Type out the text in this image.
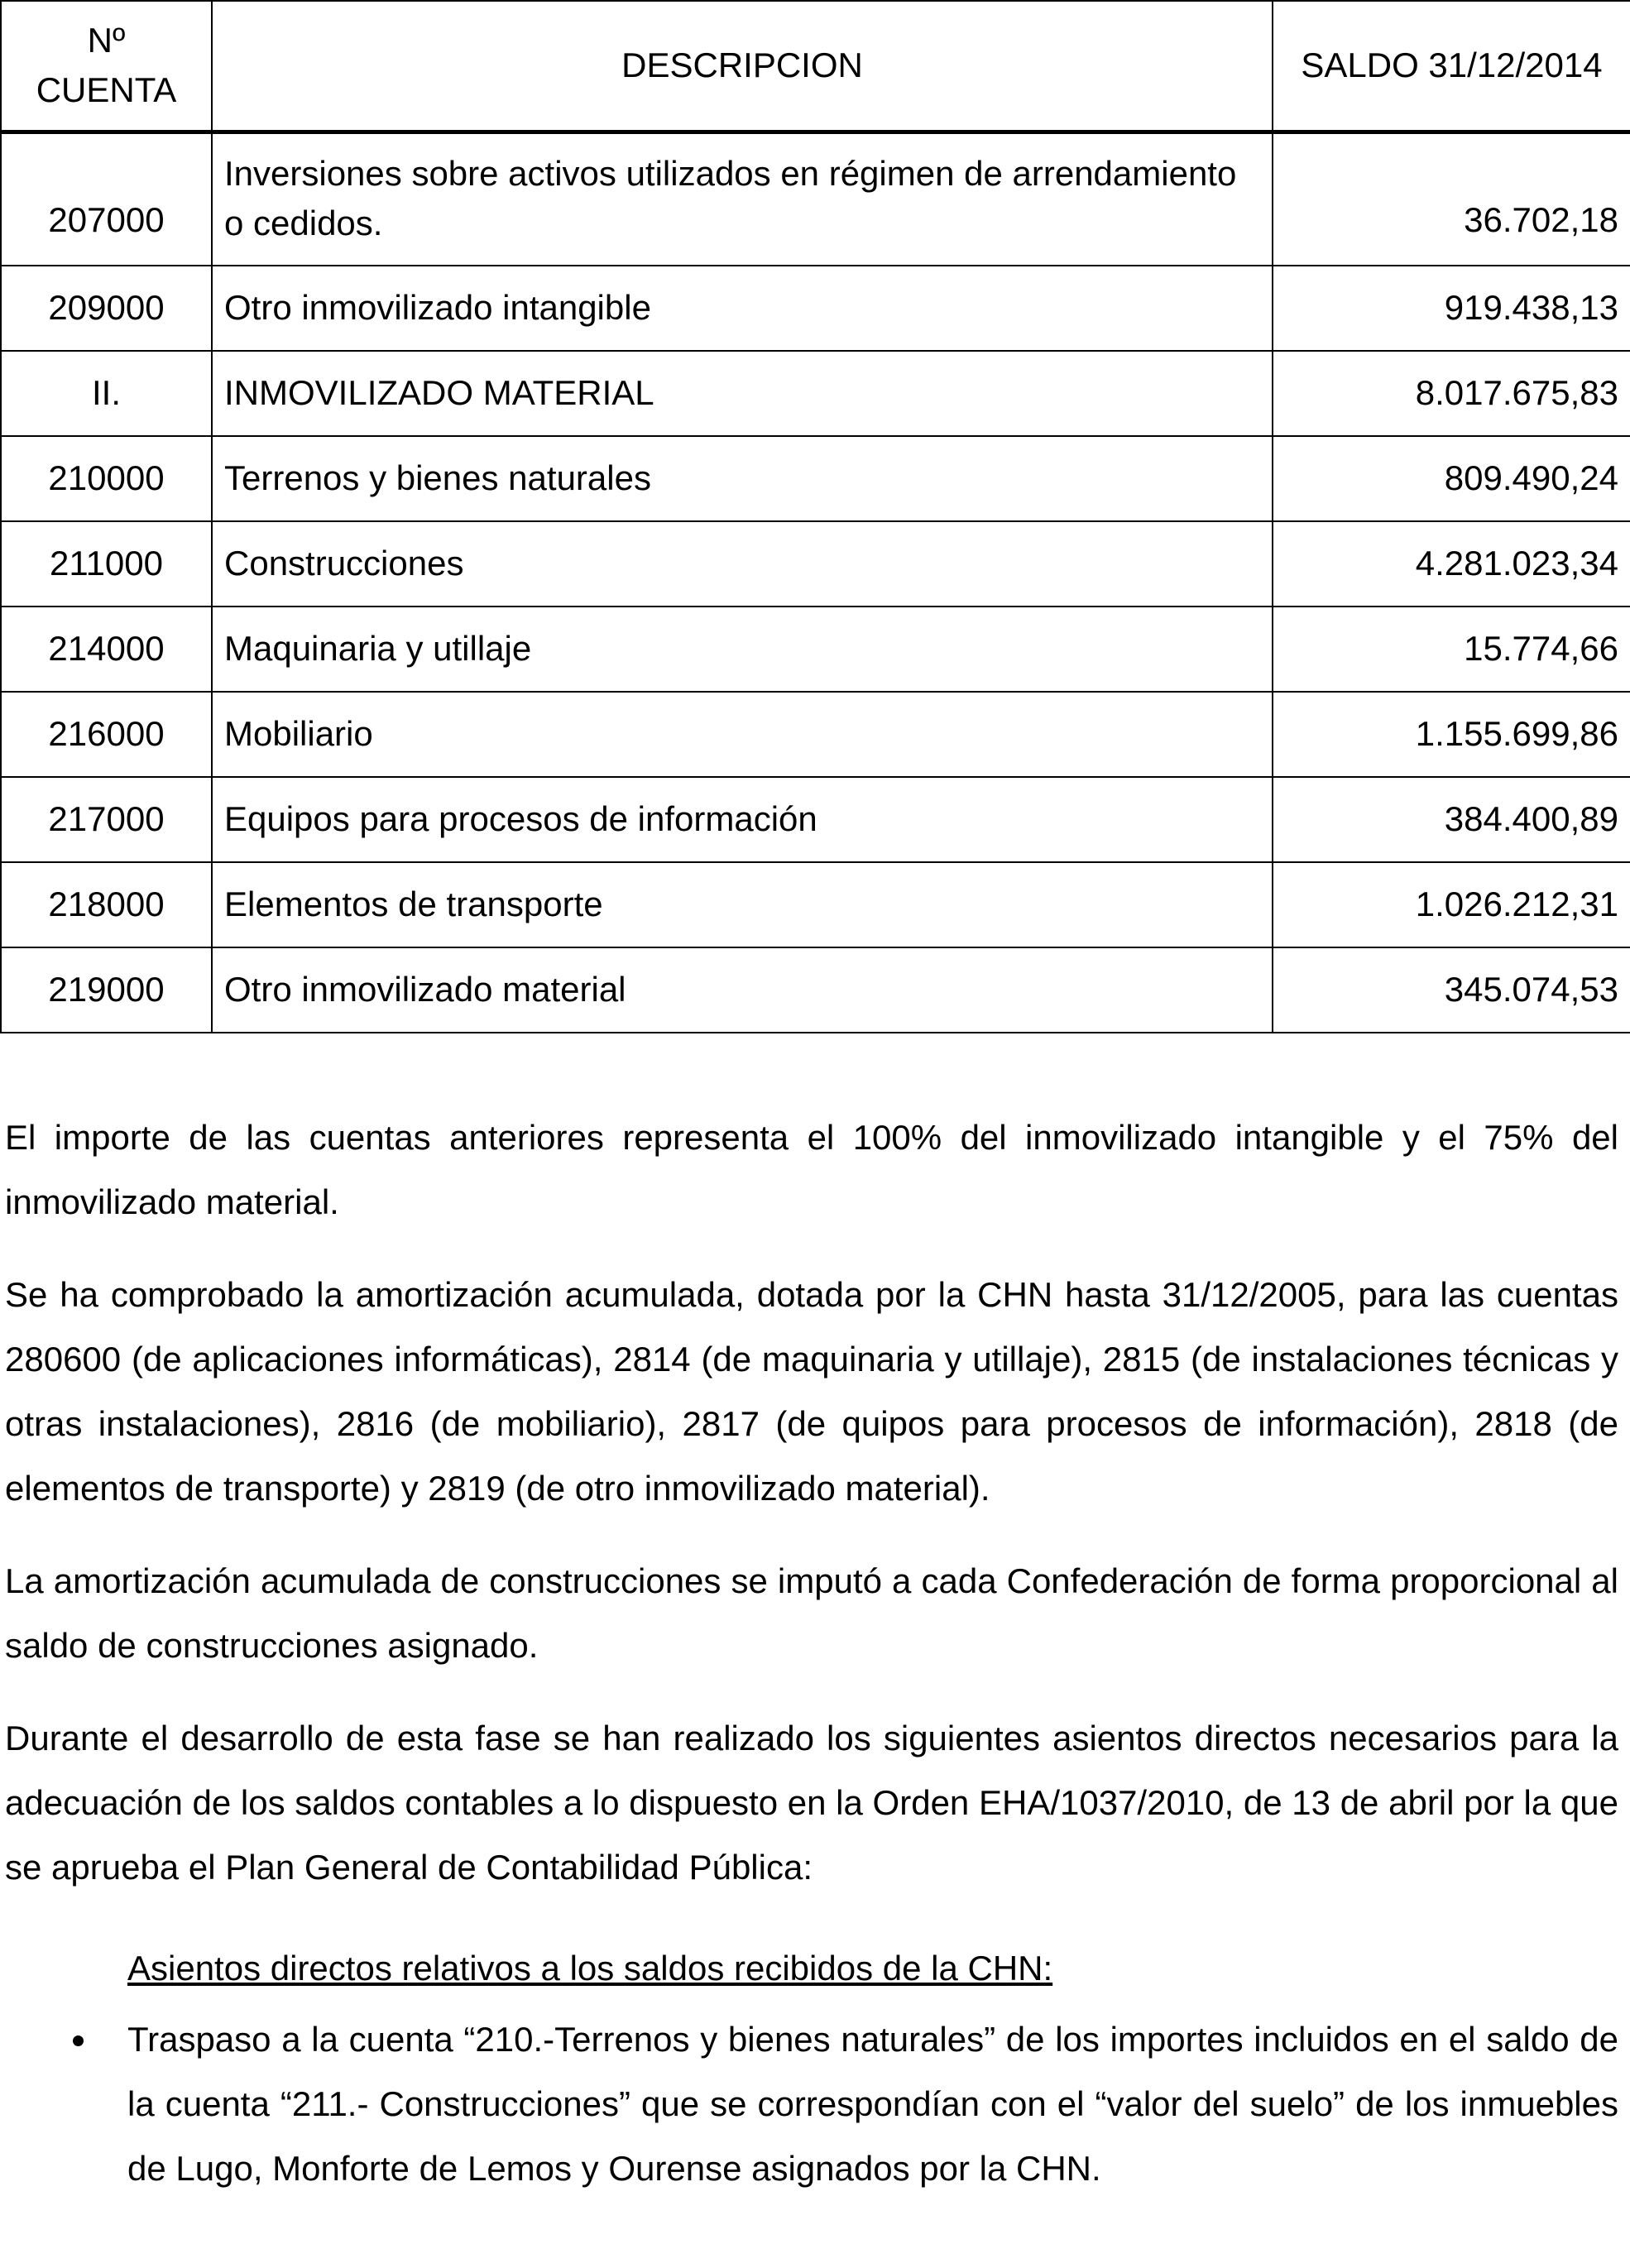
Nº CUENTA	DESCRIPCION	SALDO 31/12/2014
207000	Inversiones sobre activos utilizados en régimen de arrendamiento o cedidos.	36.702,18
209000	Otro inmovilizado intangible	919.438,13
II.	INMOVILIZADO MATERIAL	8.017.675,83
210000	Terrenos y bienes naturales	809.490,24
211000	Construcciones	4.281.023,34
214000	Maquinaria y utillaje	15.774,66
216000	Mobiliario	1.155.699,86
217000	Equipos para procesos de información	384.400,89
218000	Elementos de transporte	1.026.212,31
219000	Otro inmovilizado material	345.074,53

El importe de las cuentas anteriores representa el 100% del inmovilizado intangible y el 75% del inmovilizado material.

Se ha comprobado la amortización acumulada, dotada por la CHN hasta 31/12/2005, para las cuentas 280600 (de aplicaciones informáticas), 2814 (de maquinaria y utillaje), 2815 (de instalaciones técnicas y otras instalaciones), 2816 (de mobiliario), 2817 (de quipos para procesos de información), 2818 (de elementos de transporte) y 2819 (de otro inmovilizado material).

La amortización acumulada de construcciones se imputó a cada Confederación de forma proporcional al saldo de construcciones asignado.

Durante el desarrollo de esta fase se han realizado los siguientes asientos directos necesarios para la adecuación de los saldos contables a lo dispuesto en la Orden EHA/1037/2010, de 13 de abril por la que se aprueba el Plan General de Contabilidad Pública:

Asientos directos relativos a los saldos recibidos de la CHN:
Traspaso a la cuenta “210.-Terrenos y bienes naturales” de los importes incluidos en el saldo de la cuenta “211.- Construcciones” que se correspondían con el “valor del suelo” de los inmuebles de Lugo, Monforte de Lemos y Ourense asignados por la CHN.
